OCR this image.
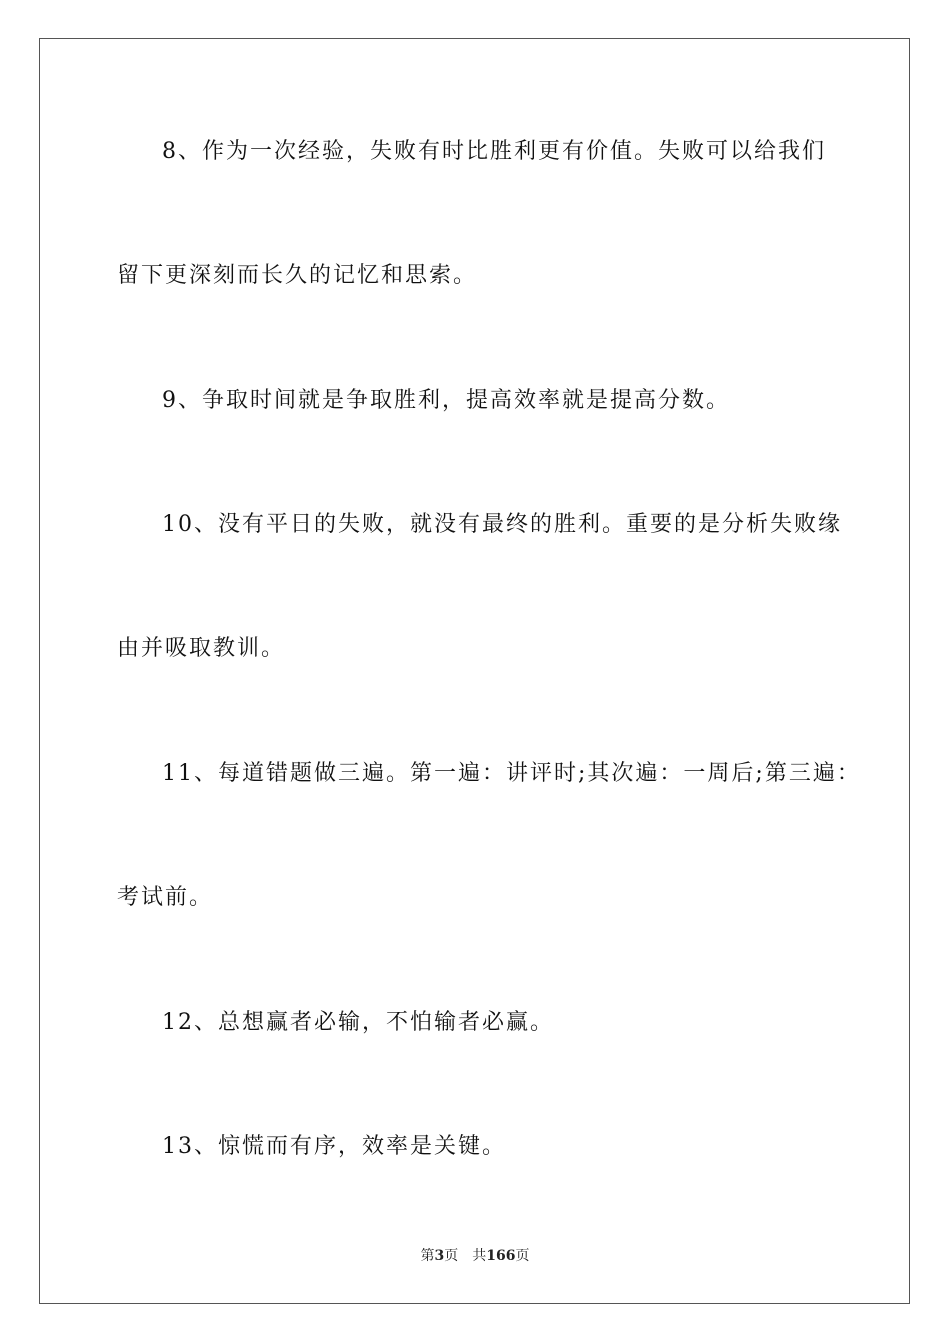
8、作为一次经验，失败有时比胜利更有价值。失败可以给我们
留下更深刻而长久的记忆和思索。
9、争取时间就是争取胜利，提高效率就是提高分数。
10、没有平日的失败，就没有最终的胜利。重要的是分析失败缘
由并吸取教训。
11、每道错题做三遍。第一遍：讲评时;其次遍：一周后;第三遍：
考试前。
12、总想赢者必输，不怕输者必赢。
13、惊慌而有序，效率是关键。
第3页 共166页
